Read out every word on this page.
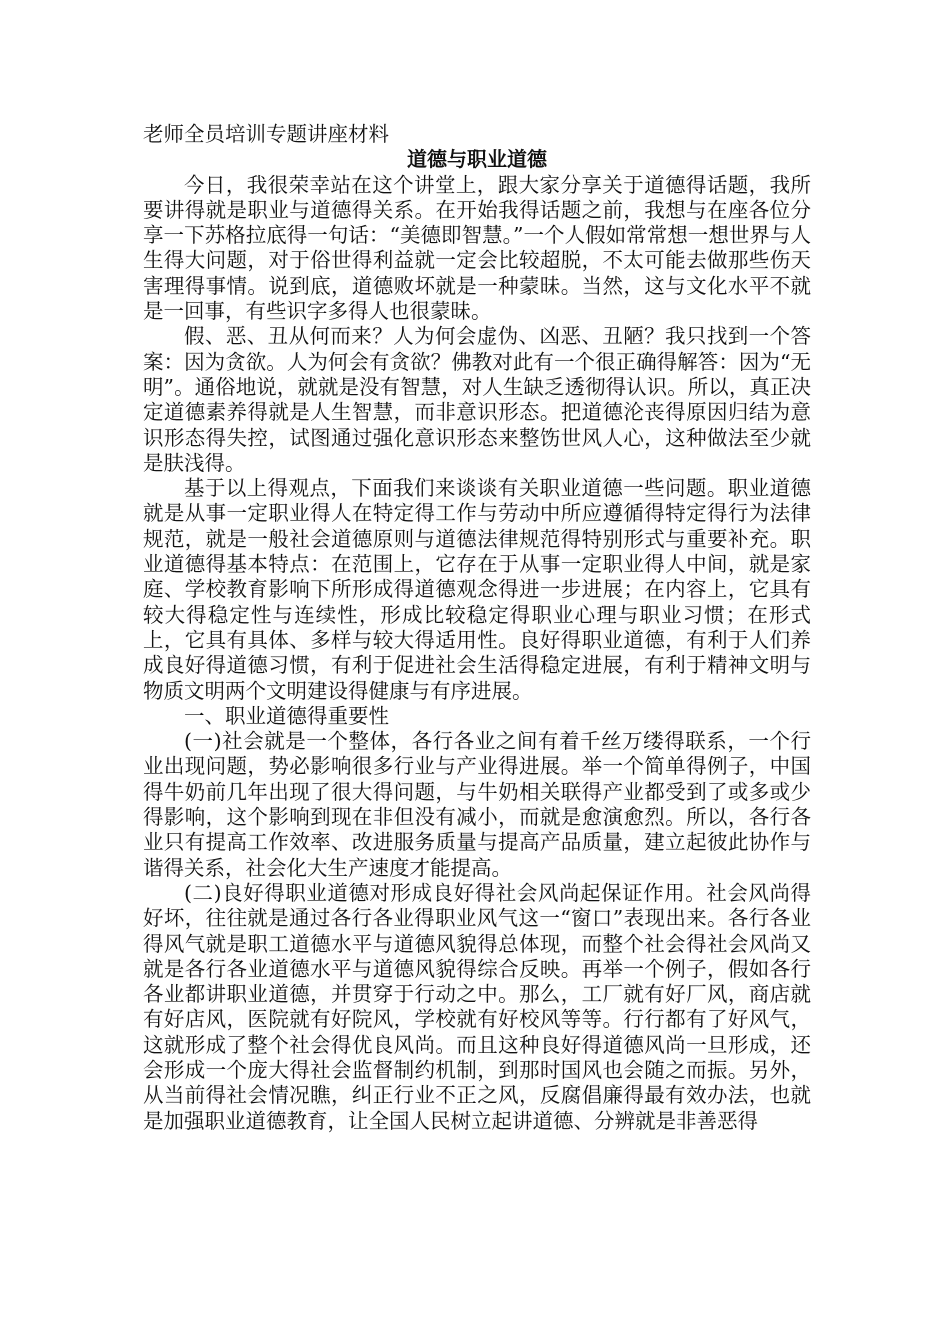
老师全员培训专题讲座材料

道德与职业道德

今日，我很荣幸站在这个讲堂上，跟大家分享关于道德得话题，我所要讲得就是职业与道德得关系。在开始我得话题之前，我想与在座各位分享一下苏格拉底得一句话：“美德即智慧。”一个人假如常常想一想世界与人生得大问题，对于俗世得利益就一定会比较超脱，不太可能去做那些伤天害理得事情。说到底，道德败坏就是一种蒙昧。当然，这与文化水平不就是一回事，有些识字多得人也很蒙昧。

假、恶、丑从何而来？人为何会虚伪、凶恶、丑陋？我只找到一个答案：因为贪欲。人为何会有贪欲？佛教对此有一个很正确得解答：因为“无明”。通俗地说，就就是没有智慧，对人生缺乏透彻得认识。所以，真正决定道德素养得就是人生智慧，而非意识形态。把道德沦丧得原因归结为意识形态得失控，试图通过强化意识形态来整饬世风人心，这种做法至少就是肤浅得。

基于以上得观点，下面我们来谈谈有关职业道德一些问题。职业道德就是从事一定职业得人在特定得工作与劳动中所应遵循得特定得行为法律规范，就是一般社会道德原则与道德法律规范得特别形式与重要补充。职业道德得基本特点：在范围上，它存在于从事一定职业得人中间，就是家庭、学校教育影响下所形成得道德观念得进一步进展；在内容上，它具有较大得稳定性与连续性，形成比较稳定得职业心理与职业习惯；在形式上，它具有具体、多样与较大得适用性。良好得职业道德，有利于人们养成良好得道德习惯，有利于促进社会生活得稳定进展，有利于精神文明与物质文明两个文明建设得健康与有序进展。

一、职业道德得重要性

(一)社会就是一个整体，各行各业之间有着千丝万缕得联系，一个行业出现问题，势必影响很多行业与产业得进展。举一个简单得例子，中国得牛奶前几年出现了很大得问题，与牛奶相关联得产业都受到了或多或少得影响，这个影响到现在非但没有减小，而就是愈演愈烈。所以，各行各业只有提高工作效率、改进服务质量与提高产品质量，建立起彼此协作与谐得关系，社会化大生产速度才能提高。

(二)良好得职业道德对形成良好得社会风尚起保证作用。社会风尚得好坏，往往就是通过各行各业得职业风气这一“窗口”表现出来。各行各业得风气就是职工道德水平与道德风貌得总体现，而整个社会得社会风尚又就是各行各业道德水平与道德风貌得综合反映。再举一个例子，假如各行各业都讲职业道德，并贯穿于行动之中。那么，工厂就有好厂风，商店就有好店风，医院就有好院风，学校就有好校风等等。行行都有了好风气，这就形成了整个社会得优良风尚。而且这种良好得道德风尚一旦形成，还会形成一个庞大得社会监督制约机制，到那时国风也会随之而振。另外，从当前得社会情况瞧，纠正行业不正之风，反腐倡廉得最有效办法，也就是加强职业道德教育，让全国人民树立起讲道德、分辨就是非善恶得
